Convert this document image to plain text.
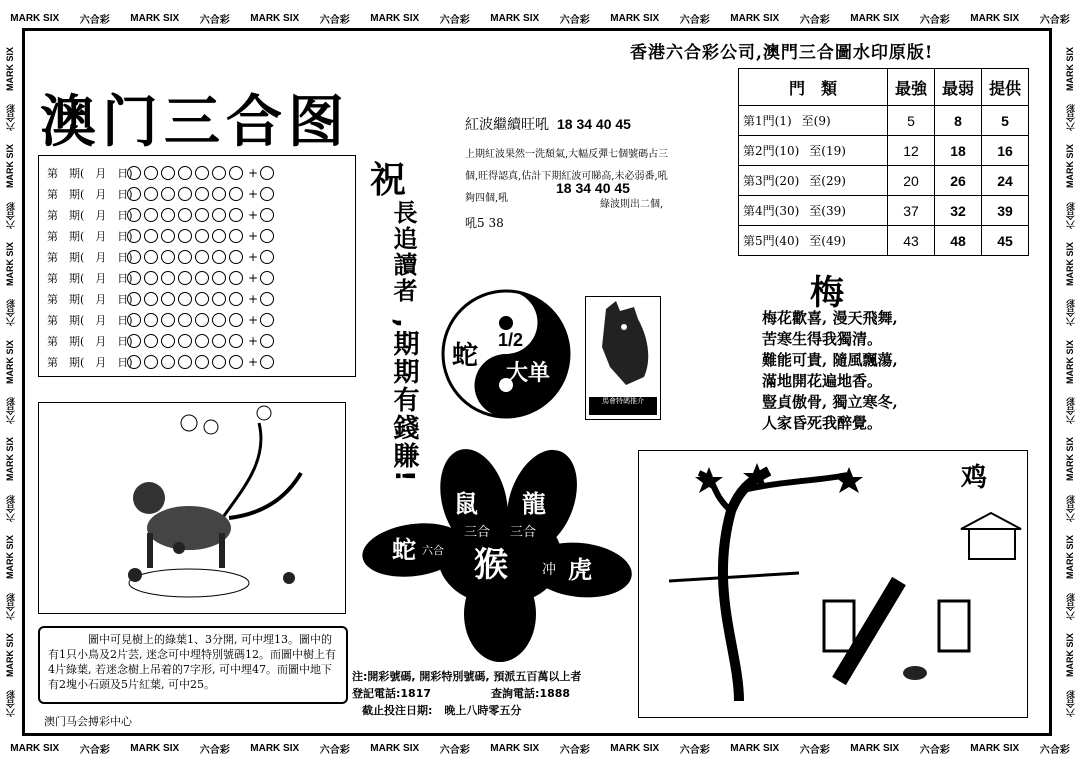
MARK SIX 六合彩 MARK SIX 六合彩 MARK SIX 六合彩 MARK SIX 六合彩 MARK SIX 六合彩 MARK SIX 六合彩 MARK SIX 六合彩 MARK SIX 六合彩 MARK SIX 六合彩
MARK SIX 六合彩 MARK SIX 六合彩 MARK SIX 六合彩 MARK SIX 六合彩 MARK SIX 六合彩 MARK SIX 六合彩 MARK SIX 六合彩 MARK SIX 六合彩 MARK SIX 六合彩
MARK SIX
六合彩
MARK SIX
六合彩
MARK SIX
六合彩
MARK SIX
六合彩
MARK SIX
六合彩
MARK SIX
六合彩
MARK SIX
六合彩
MARK SIX
六合彩
MARK SIX
六合彩
MARK SIX
六合彩
MARK SIX
六合彩
MARK SIX
六合彩
MARK SIX
六合彩
MARK SIX
六合彩
香港六合彩公司,澳門三合圖水印原版!
澳门三合图
第　期(　月　日)	+
第　期(　月　日)	+
第　期(　月　日)	+
第　期(　月　日)	+
第　期(　月　日)	+
第　期(　月　日)	+
第　期(　月　日)	+
第　期(　月　日)	+
第　期(　月　日)	+
第　期(　月　日)	+
祝
長追讀者
,期期有錢賺!
圖中可見樹上的綠葉1、3分開, 可中埋13。圖中的有1只小鳥及2片芸, 迷念可中埋特別號碼12。而圖中樹上有4片綠葉, 若迷念樹上吊着的7字形, 可中埋47。而圖中地下有2塊小石頭及5片紅葉, 可中25。
澳门马会搏彩中心
紅波繼續旺吼 18 34 40 45
上期紅波果然一洗頹氣,大幅反彈七個號碼占三個,旺得認真,估計下期紅波可睇高,未必弱番,吼夠四個,吼
18 34 40 45
綠波則出二個,
吼5 38
門　類	最強	最弱	提供
第1門(1) 至(9)	5	8	5
第2門(10) 至(19)	12	18	16
第3門(20) 至(29)	20	26	24
第4門(30) 至(39)	37	32	39
第5門(40) 至(49)	43	48	45
梅
梅花歡喜, 漫天飛舞,
苦寒生得我獨清。
難能可貴, 隨風飄蕩,
滿地開花遍地香。
豎貞傲骨, 獨立寒冬,
人家昏死我醉覺。
蛇
1/2
大单
馬會特碼推介
鼠 龍
三合 三合
蛇 六合 猴 冲 虎
鸡
注:開彩號碼, 開彩特別號碼, 預派五百萬以上者
登記電話:1817	查詢電話:1888
截止投注日期: 晚上八時零五分
